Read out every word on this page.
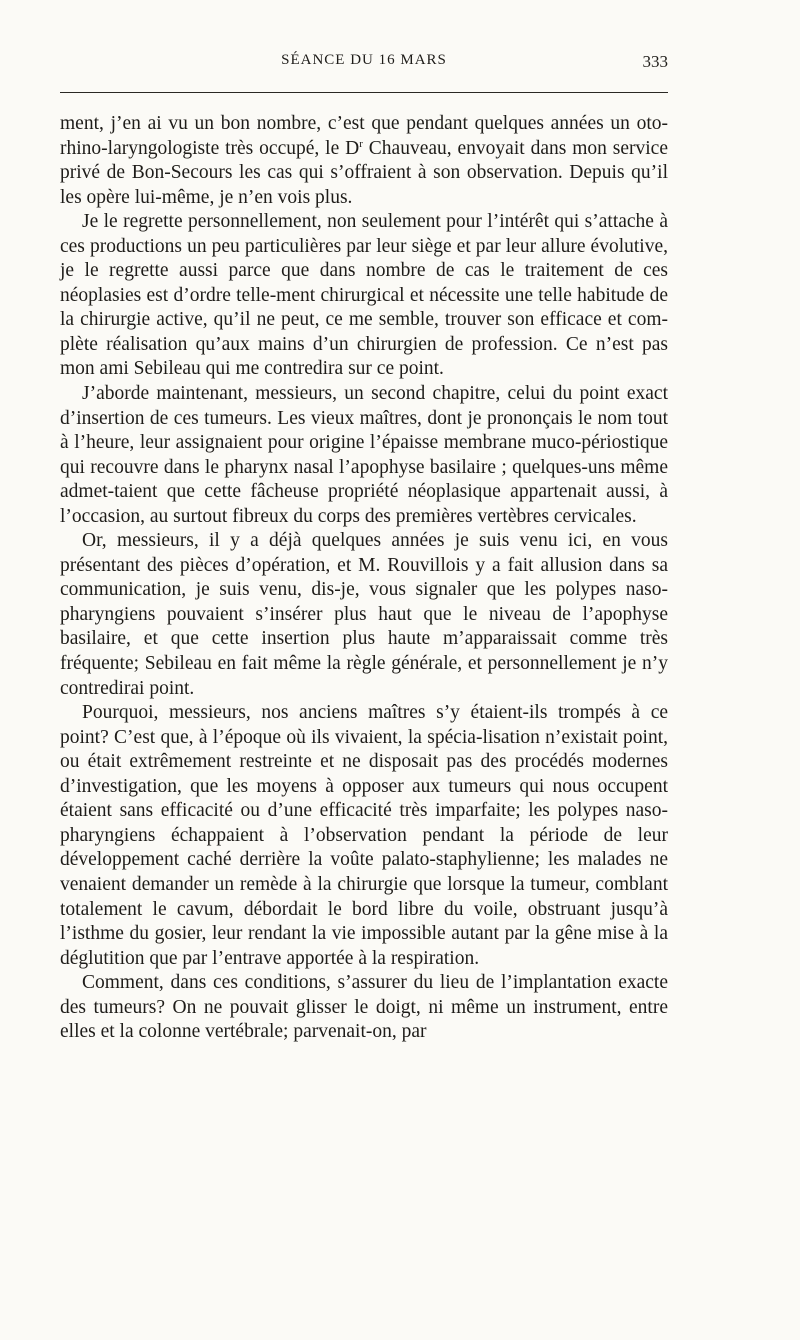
SÉANCE DU 16 MARS	333

ment, j’en ai vu un bon nombre, c’est que pendant quelques années un oto-rhino-laryngologiste très occupé, le $D^r$ Chauveau, envoyait dans mon service privé de Bon-Secours les cas qui s’offraient à son observation. Depuis qu’il les opère lui-même, je n’en vois plus.

Je le regrette personnellement, non seulement pour l’intérêt qui s’attache à ces productions un peu particulières par leur siège et par leur allure évolutive, je le regrette aussi parce que dans nombre de cas le traitement de ces néoplasies est d’ordre telle-ment chirurgical et nécessite une telle habitude de la chirurgie active, qu’il ne peut, ce me semble, trouver son efficace et com-plète réalisation qu’aux mains d’un chirurgien de profession. Ce n’est pas mon ami Sebileau qui me contredira sur ce point.

J’aborde maintenant, messieurs, un second chapitre, celui du point exact d’insertion de ces tumeurs. Les vieux maîtres, dont je prononçais le nom tout à l’heure, leur assignaient pour origine l’épaisse membrane muco-périostique qui recouvre dans le pharynx nasal l’apophyse basilaire ; quelques-uns même admet-taient que cette fâcheuse propriété néoplasique appartenait aussi, à l’occasion, au surtout fibreux du corps des premières vertèbres cervicales.

Or, messieurs, il y a déjà quelques années je suis venu ici, en vous présentant des pièces d’opération, et M. Rouvillois y a fait allusion dans sa communication, je suis venu, dis-je, vous signaler que les polypes naso-pharyngiens pouvaient s’insérer plus haut que le niveau de l’apophyse basilaire, et que cette insertion plus haute m’apparaissait comme très fréquente; Sebileau en fait même la règle générale, et personnellement je n’y contredirai point.

Pourquoi, messieurs, nos anciens maîtres s’y étaient-ils trompés à ce point? C’est que, à l’époque où ils vivaient, la spécia-lisation n’existait point, ou était extrêmement restreinte et ne disposait pas des procédés modernes d’investigation, que les moyens à opposer aux tumeurs qui nous occupent étaient sans efficacité ou d’une efficacité très imparfaite; les polypes naso-pharyngiens échappaient à l’observation pendant la période de leur développement caché derrière la voûte palato-staphylienne; les malades ne venaient demander un remède à la chirurgie que lorsque la tumeur, comblant totalement le cavum, débordait le bord libre du voile, obstruant jusqu’à l’isthme du gosier, leur rendant la vie impossible autant par la gêne mise à la déglutition que par l’entrave apportée à la respiration.

Comment, dans ces conditions, s’assurer du lieu de l’implantation exacte des tumeurs? On ne pouvait glisser le doigt, ni même un instrument, entre elles et la colonne vertébrale; parvenait-on, par
